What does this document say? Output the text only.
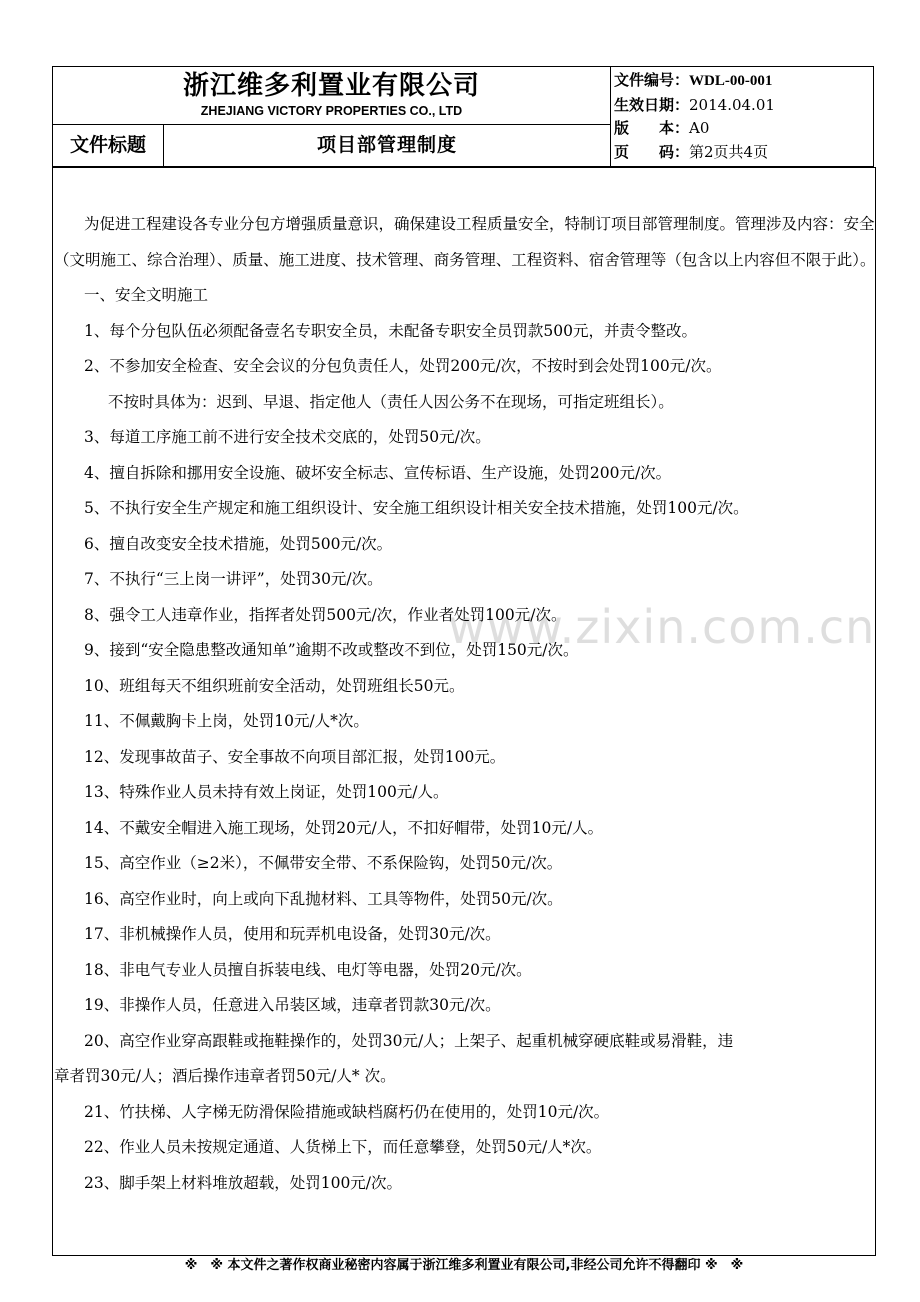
浙江维多利置业有限公司
ZHEJIANG VICTORY PROPERTIES CO., LTD
文件标题	项目部管理制度
文件编号：WDL-00-001
生效日期：2014.04.01
版　　本：A0
页　　码：第2页共4页
www.zixin.com.cn

为促进工程建设各专业分包方增强质量意识，确保建设工程质量安全，特制订项目部管理制度。管理涉及内容：安全（文明施工、综合治理）、质量、施工进度、技术管理、商务管理、工程资料、宿舍管理等（包含以上内容但不限于此）。

一、安全文明施工

1、每个分包队伍必须配备壹名专职安全员，未配备专职安全员罚款500元，并责令整改。

2、不参加安全检查、安全会议的分包负责任人，处罚200元/次，不按时到会处罚100元/次。

不按时具体为：迟到、早退、指定他人（责任人因公务不在现场，可指定班组长）。

3、每道工序施工前不进行安全技术交底的，处罚50元/次。

4、擅自拆除和挪用安全设施、破坏安全标志、宣传标语、生产设施，处罚200元/次。

5、不执行安全生产规定和施工组织设计、安全施工组织设计相关安全技术措施，处罚100元/次。

6、擅自改变安全技术措施，处罚500元/次。

7、不执行“三上岗一讲评”，处罚30元/次。

8、强令工人违章作业，指挥者处罚500元/次，作业者处罚100元/次。

9、接到“安全隐患整改通知单”逾期不改或整改不到位，处罚150元/次。

10、班组每天不组织班前安全活动，处罚班组长50元。

11、不佩戴胸卡上岗，处罚10元/人*次。

12、发现事故苗子、安全事故不向项目部汇报，处罚100元。

13、特殊作业人员未持有效上岗证，处罚100元/人。

14、不戴安全帽进入施工现场，处罚20元/人，不扣好帽带，处罚10元/人。

15、高空作业（≥2米），不佩带安全带、不系保险钩，处罚50元/次。

16、高空作业时，向上或向下乱抛材料、工具等物件，处罚50元/次。

17、非机械操作人员，使用和玩弄机电设备，处罚30元/次。

18、非电气专业人员擅自拆装电线、电灯等电器，处罚20元/次。

19、非操作人员，任意进入吊装区域，违章者罚款30元/次。

20、高空作业穿高跟鞋或拖鞋操作的，处罚30元/人；上架子、起重机械穿硬底鞋或易滑鞋，违

章者罚30元/人；酒后操作违章者罚50元/人* 次。

21、竹扶梯、人字梯无防滑保险措施或缺档腐朽仍在使用的，处罚10元/次。

22、作业人员未按规定通道、人货梯上下，而任意攀登，处罚50元/人*次。

23、脚手架上材料堆放超载，处罚100元/次。

※　※ 本文件之著作权商业秘密内容属于浙江维多利置业有限公司,非经公司允许不得翻印 ※　※
